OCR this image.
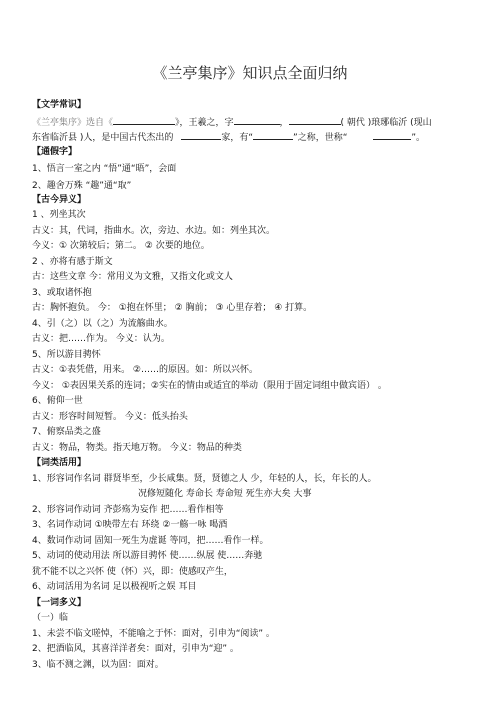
《兰亭集序》知识点全面归纳
【文学常识】
《兰亭集序》选自《	》，王羲之，字	，	( 朝代 )琅琊临沂 (现山
东省临沂县 )人，是中国古代杰出的	家，有“	”之称，世称“	”。
【通假字】
1、悟言一室之内 “悟”通“晤”，会面
2、趣舍万殊 “趣”通“取”
【古今异义】
1 、列坐其次
古义：其，代词，指曲水。次，旁边、水边。如：列坐其次。
今义：① 次第较后；第二。 ② 次要的地位。
2 、亦将有感于斯文
古：这些文章 今：常用义为文雅，又指文化或文人
3、或取诸怀抱
古：胸怀抱负。 今： ①抱在怀里； ② 胸前； ③ 心里存着； ④ 打算。
4、引（之）以（之）为流觞曲水。
古义：把……作为。 今义：认为。
5、所以游目骋怀
古义：①表凭借，用来。 ②……的原因。如：所以兴怀。
今义： ①表因果关系的连词；②实在的情由或适宜的举动（限用于固定词组中做宾语） 。
6、俯仰一世
古义：形容时间短暂。 今义：低头抬头
7、俯察品类之盛
古义：物品，物类。指天地万物。 今义：物品的种类
【词类活用】
1、形容词作名词 群贤毕至，少长咸集。贤，贤德之人 少，年轻的人，长，年长的人。
况修短随化 寿命长 寿命短 死生亦大矣 大事
2、形容词作动词 齐彭殇为妄作 把……看作相等
3、名词作动词 ①映带左右 环绕 ②一觞一咏 喝酒
4、数词作动词 固知一死生为虚诞 等同，把……看作一样。
5、动词的使动用法 所以游目骋怀 使……纵展 使……奔驰
犹不能不以之兴怀 使（怀）兴，即：使感叹产生，
6、动词活用为名词 足以极视听之娱 耳目
【一词多义】
（一）临
1、未尝不临文嗟悼，不能喻之于怀：面对，引申为“阅读” 。
2、把酒临风，其喜洋洋者矣：面对，引申为“迎” 。
3、临不测之渊，以为固：面对。
